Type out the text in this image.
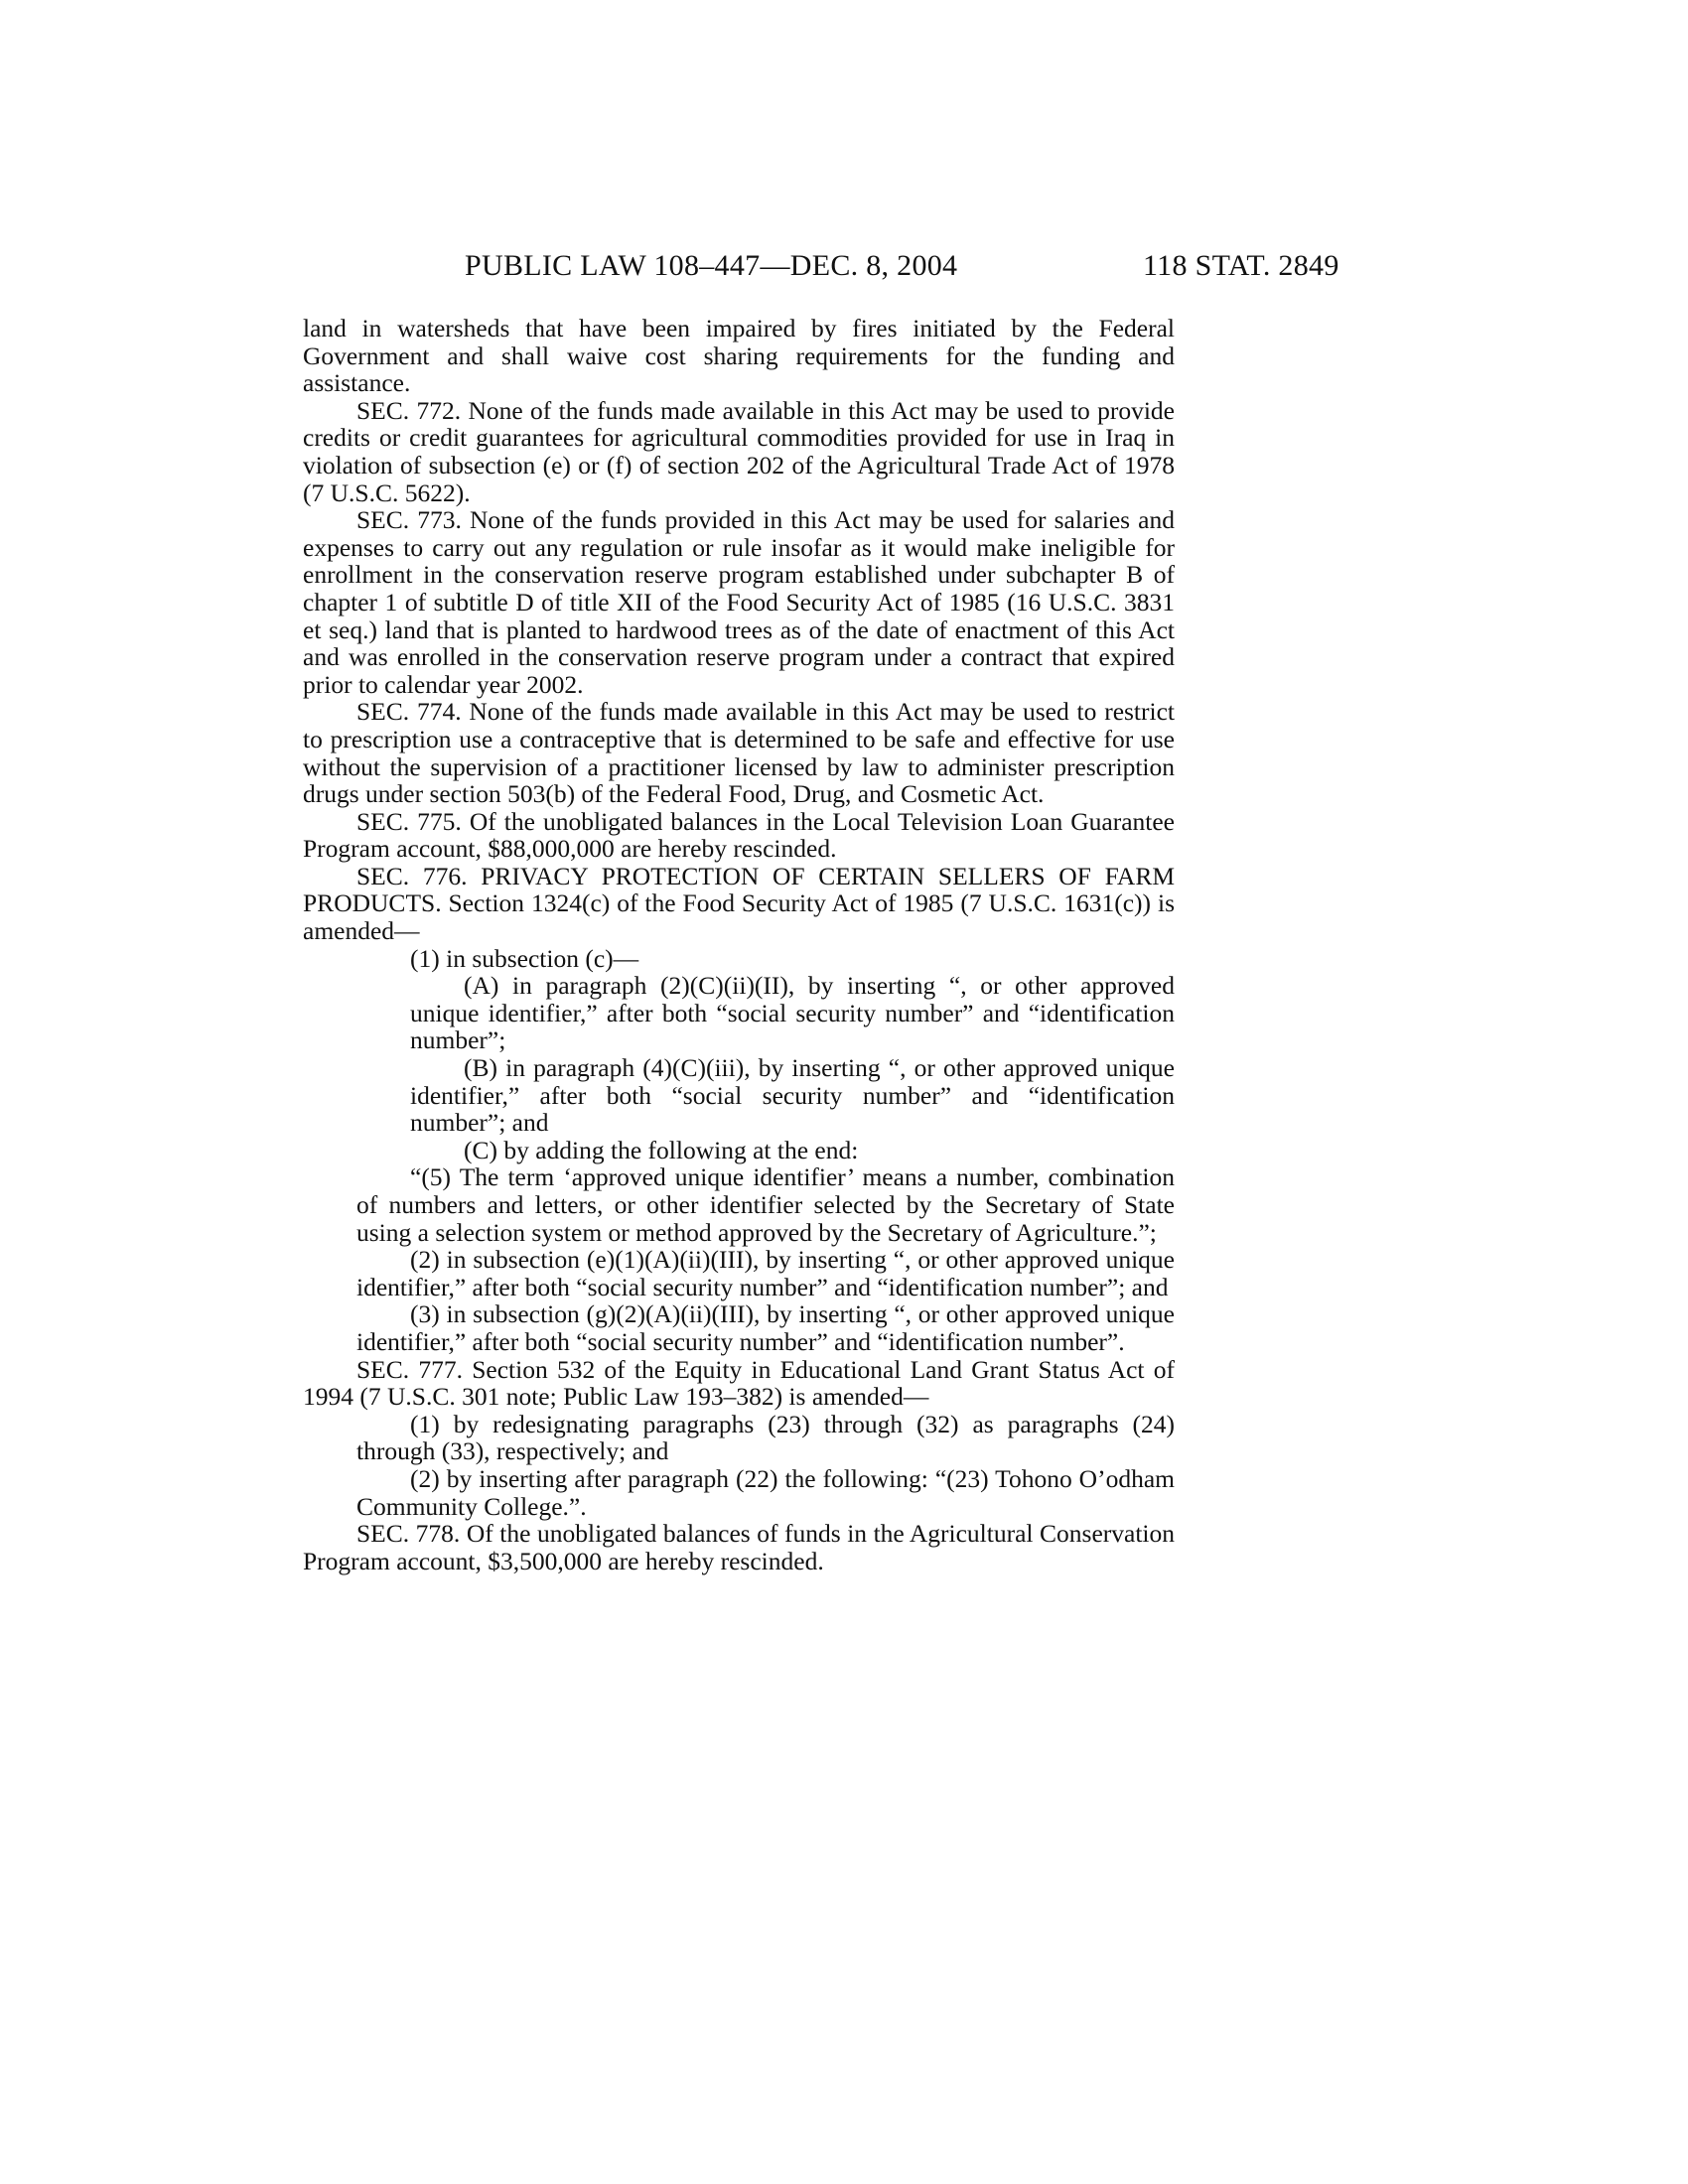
PUBLIC LAW 108–447—DEC. 8, 2004	118 STAT. 2849

land in watersheds that have been impaired by fires initiated by the Federal Government and shall waive cost sharing requirements for the funding and assistance.

SEC. 772. None of the funds made available in this Act may be used to provide credits or credit guarantees for agricultural commodities provided for use in Iraq in violation of subsection (e) or (f) of section 202 of the Agricultural Trade Act of 1978 (7 U.S.C. 5622).

SEC. 773. None of the funds provided in this Act may be used for salaries and expenses to carry out any regulation or rule insofar as it would make ineligible for enrollment in the conservation reserve program established under subchapter B of chapter 1 of subtitle D of title XII of the Food Security Act of 1985 (16 U.S.C. 3831 et seq.) land that is planted to hardwood trees as of the date of enactment of this Act and was enrolled in the conservation reserve program under a contract that expired prior to calendar year 2002.

SEC. 774. None of the funds made available in this Act may be used to restrict to prescription use a contraceptive that is determined to be safe and effective for use without the supervision of a practitioner licensed by law to administer prescription drugs under section 503(b) of the Federal Food, Drug, and Cosmetic Act.

SEC. 775. Of the unobligated balances in the Local Television Loan Guarantee Program account, $88,000,000 are hereby rescinded.

SEC. 776. PRIVACY PROTECTION OF CERTAIN SELLERS OF FARM PRODUCTS. Section 1324(c) of the Food Security Act of 1985 (7 U.S.C. 1631(c)) is amended—

(1) in subsection (c)—

(A) in paragraph (2)(C)(ii)(II), by inserting “, or other approved unique identifier,” after both “social security number” and “identification number”;

(B) in paragraph (4)(C)(iii), by inserting “, or other approved unique identifier,” after both “social security number” and “identification number”; and

(C) by adding the following at the end:

“(5) The term ‘approved unique identifier’ means a number, combination of numbers and letters, or other identifier selected by the Secretary of State using a selection system or method approved by the Secretary of Agriculture.”;

(2) in subsection (e)(1)(A)(ii)(III), by inserting “, or other approved unique identifier,” after both “social security number” and “identification number”; and

(3) in subsection (g)(2)(A)(ii)(III), by inserting “, or other approved unique identifier,” after both “social security number” and “identification number”.

SEC. 777. Section 532 of the Equity in Educational Land Grant Status Act of 1994 (7 U.S.C. 301 note; Public Law 193–382) is amended—

(1) by redesignating paragraphs (23) through (32) as paragraphs (24) through (33), respectively; and

(2) by inserting after paragraph (22) the following: “(23) Tohono O’odham Community College.”.

SEC. 778. Of the unobligated balances of funds in the Agricultural Conservation Program account, $3,500,000 are hereby rescinded.
